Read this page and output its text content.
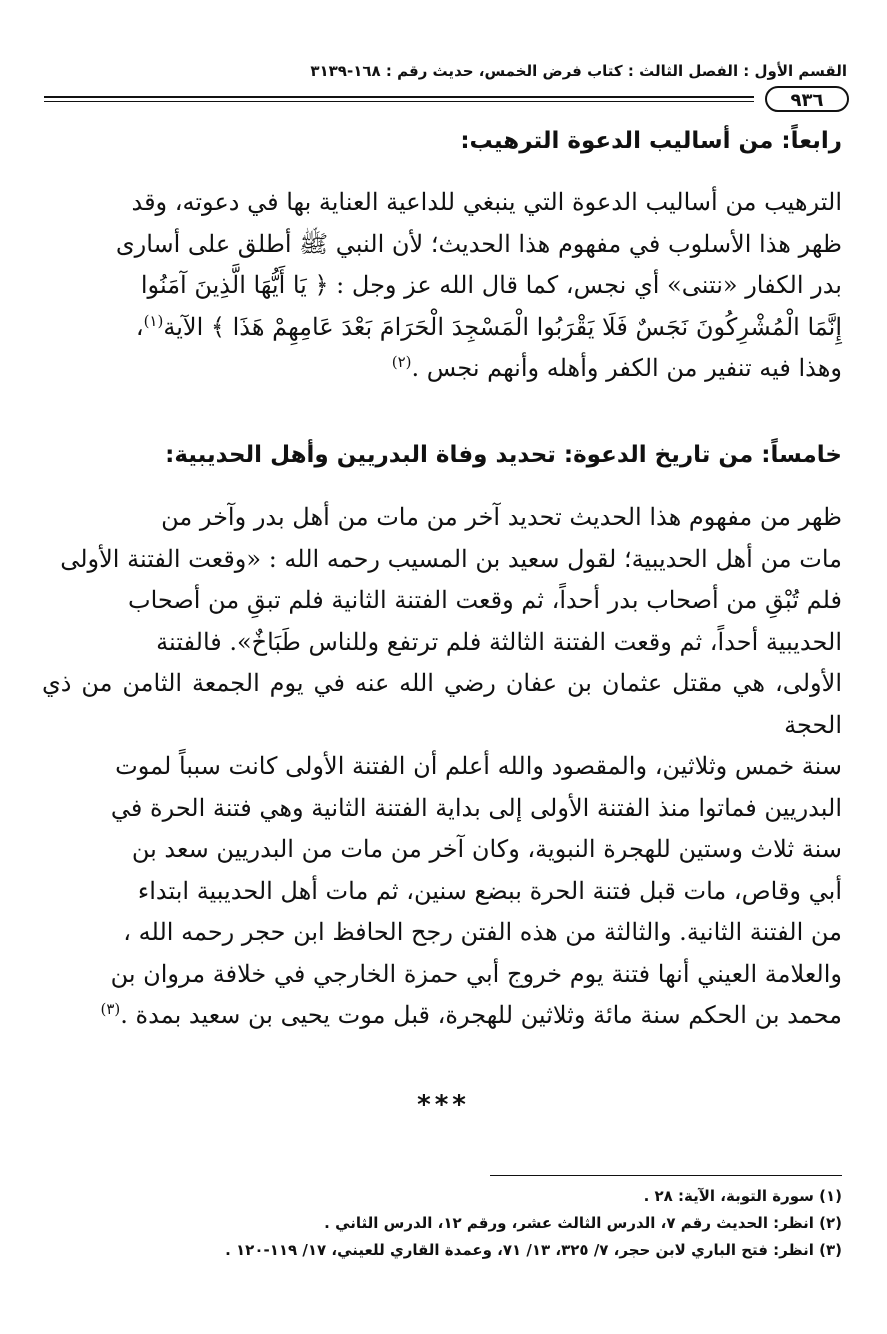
القسم الأول : الفصل الثالث : كتاب فرض الخمس، حديث رقم : ١٦٨-٣١٣٩
٩٣٦
رابعاً: من أساليب الدعوة الترهيب:
الترهيب من أساليب الدعوة التي ينبغي للداعية العناية بها في دعوته، وقد
ظهر هذا الأسلوب في مفهوم هذا الحديث؛ لأن النبي ﷺ أطلق على أسارى
بدر الكفار «نتنى» أي نجس، كما قال الله عز وجل : ﴿ يَا أَيُّهَا الَّذِينَ آمَنُوا
إِنَّمَا الْمُشْرِكُونَ نَجَسٌ فَلَا يَقْرَبُوا الْمَسْجِدَ الْحَرَامَ بَعْدَ عَامِهِمْ هَذَا ﴾ الآية$^{(١)}$،
وهذا فيه تنفير من الكفر وأهله وأنهم نجس .$^{(٢)}$
خامساً: من تاريخ الدعوة: تحديد وفاة البدريين وأهل الحديبية:
ظهر من مفهوم هذا الحديث تحديد آخر من مات من أهل بدر وآخر من
مات من أهل الحديبية؛ لقول سعيد بن المسيب رحمه الله : «وقعت الفتنة الأولى
فلم تُبْقِ من أصحاب بدر أحداً، ثم وقعت الفتنة الثانية فلم تبقِ من أصحاب
الحديبية أحداً، ثم وقعت الفتنة الثالثة فلم ترتفع وللناس طَبَاخٌ». فالفتنة
الأولى، هي مقتل عثمان بن عفان رضي الله عنه في يوم الجمعة الثامن من ذي الحجة
سنة خمس وثلاثين، والمقصود والله أعلم أن الفتنة الأولى كانت سبباً لموت
البدريين فماتوا منذ الفتنة الأولى إلى بداية الفتنة الثانية وهي فتنة الحرة في
سنة ثلاث وستين للهجرة النبوية، وكان آخر من مات من البدريين سعد بن
أبي وقاص، مات قبل فتنة الحرة ببضع سنين، ثم مات أهل الحديبية ابتداء
من الفتنة الثانية. والثالثة من هذه الفتن رجح الحافظ ابن حجر رحمه الله ،
والعلامة العيني أنها فتنة يوم خروج أبي حمزة الخارجي في خلافة مروان بن
محمد بن الحكم سنة مائة وثلاثين للهجرة، قبل موت يحيى بن سعيد بمدة .$^{(٣)}$
***
(١) سورة التوبة، الآية: ٢٨ .
(٢) انظر: الحديث رقم ٧، الدرس الثالث عشر، ورقم ١٢، الدرس الثاني .
(٣) انظر: فتح الباري لابن حجر، ٧/ ٣٢٥، ١٣/ ٧١، وعمدة القاري للعيني، ١٧/ ١١٩-١٢٠ .
